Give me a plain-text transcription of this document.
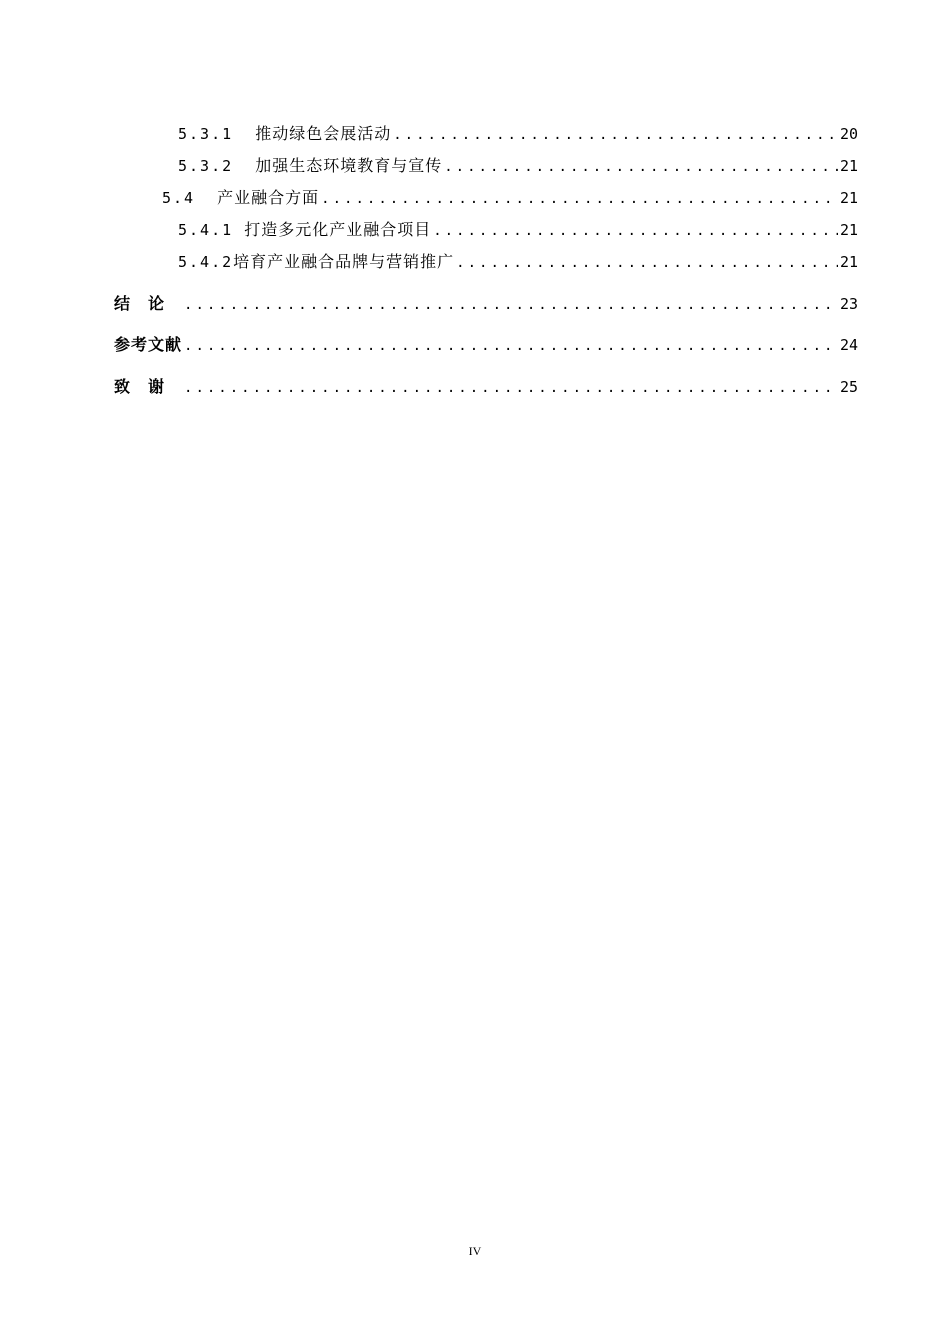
5.3.1 推动绿色会展活动 .....	20
5.3.2 加强生态环境教育与宣传 .....	21
5.4 产业融合方面 .....	21
5.4.1 打造多元化产业融合项目 .....	21
5.4.2 培育产业融合品牌与营销推广 .....	21
结论 .....	23
参考文献 .....	24
致谢 .....	25
IV
